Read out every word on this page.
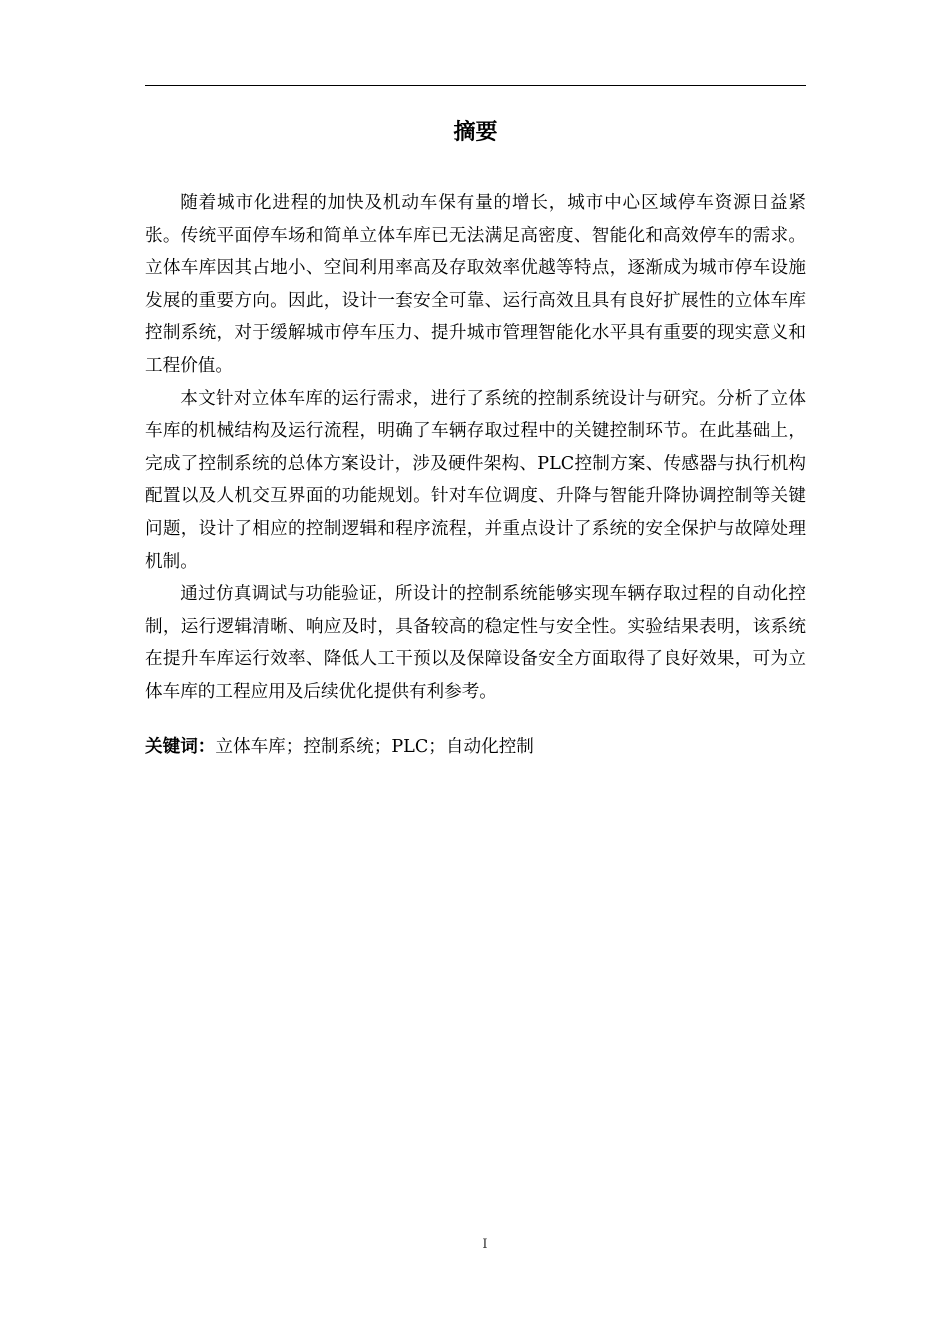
摘要

随着城市化进程的加快及机动车保有量的增长，城市中心区域停车资源日益紧张。传统平面停车场和简单立体车库已无法满足高密度、智能化和高效停车的需求。立体车库因其占地小、空间利用率高及存取效率优越等特点，逐渐成为城市停车设施发展的重要方向。因此，设计一套安全可靠、运行高效且具有良好扩展性的立体车库控制系统，对于缓解城市停车压力、提升城市管理智能化水平具有重要的现实意义和工程价值。

本文针对立体车库的运行需求，进行了系统的控制系统设计与研究。分析了立体车库的机械结构及运行流程，明确了车辆存取过程中的关键控制环节。在此基础上，完成了控制系统的总体方案设计，涉及硬件架构、PLC控制方案、传感器与执行机构配置以及人机交互界面的功能规划。针对车位调度、升降与智能升降协调控制等关键问题，设计了相应的控制逻辑和程序流程，并重点设计了系统的安全保护与故障处理机制。

通过仿真调试与功能验证，所设计的控制系统能够实现车辆存取过程的自动化控制，运行逻辑清晰、响应及时，具备较高的稳定性与安全性。实验结果表明，该系统在提升车库运行效率、降低人工干预以及保障设备安全方面取得了良好效果，可为立体车库的工程应用及后续优化提供有利参考。

关键词：立体车库；控制系统；PLC；自动化控制
I
